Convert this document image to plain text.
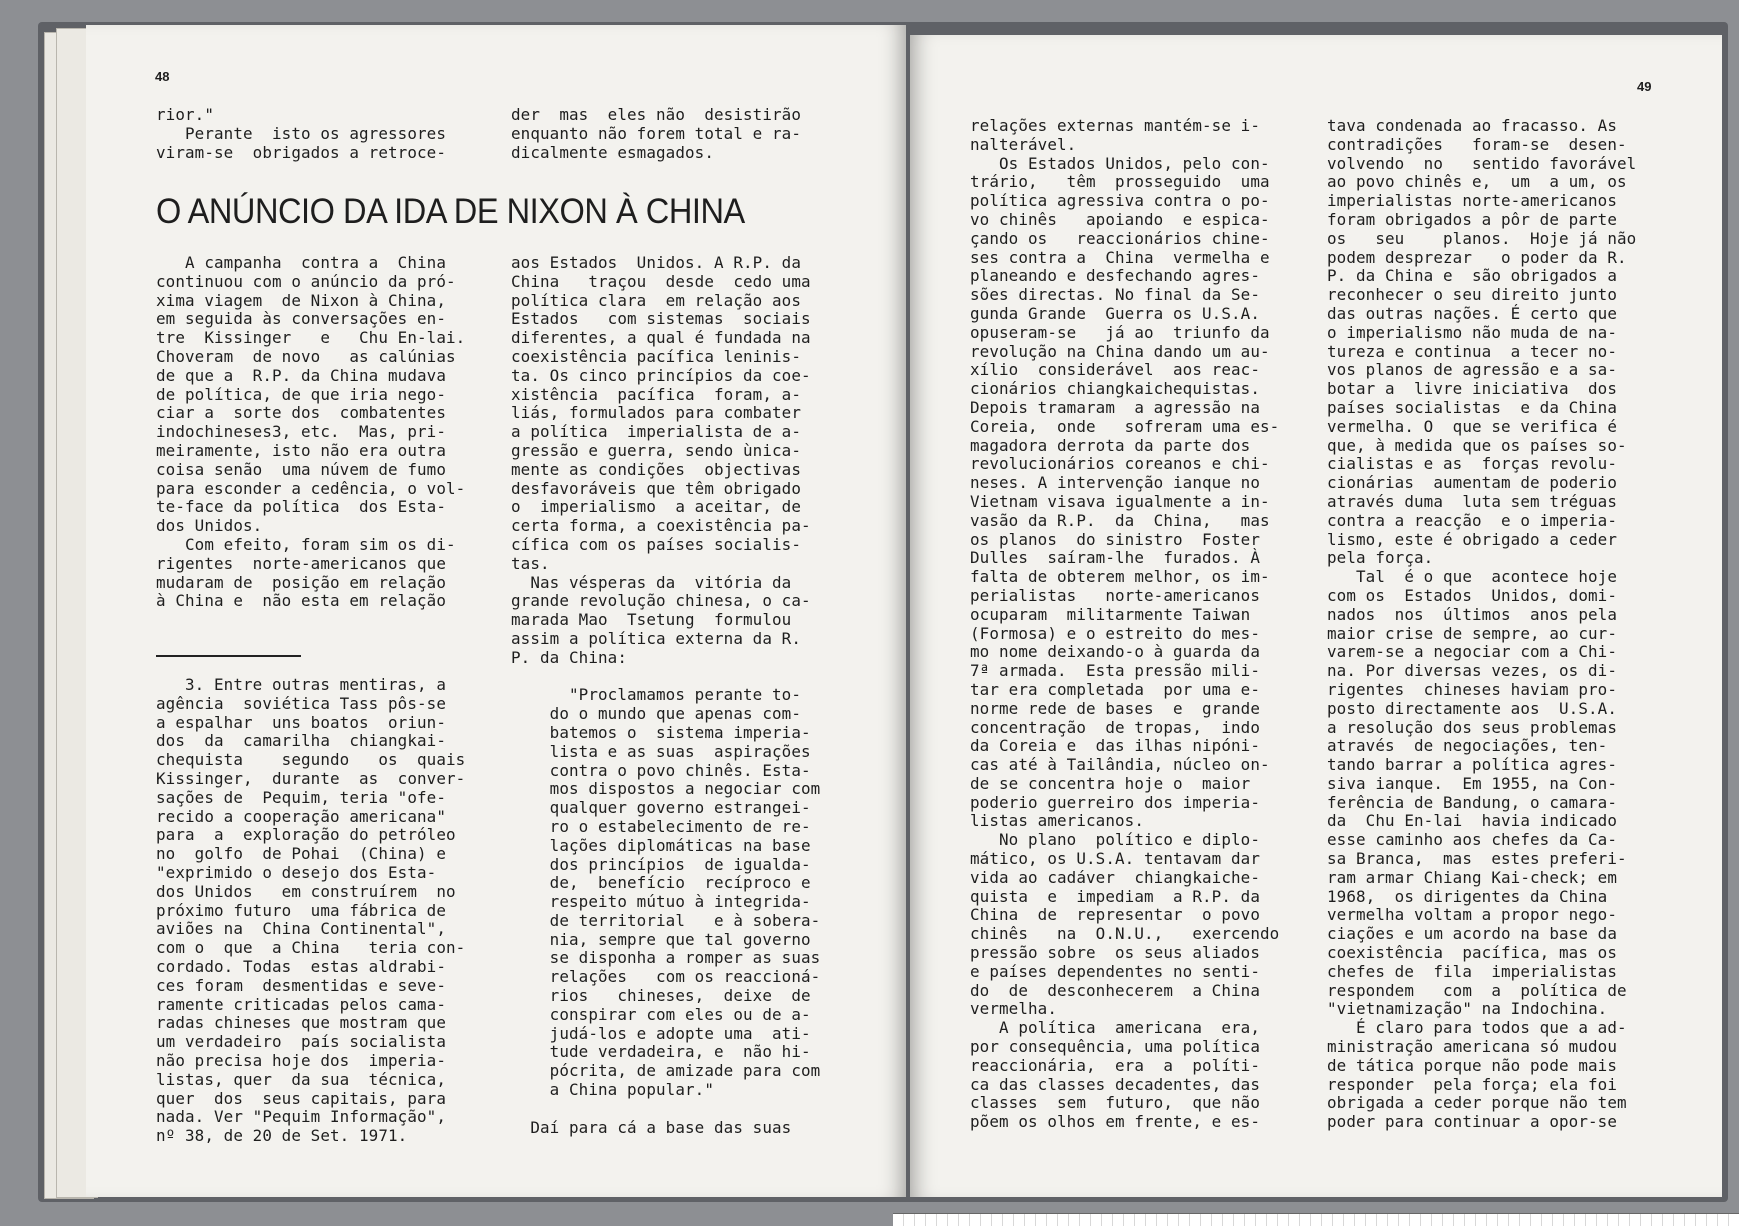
48
rior."
Perante  isto os agressores
viram-se  obrigados a retroce-
der  mas  eles não  desistirão
enquanto não forem total e ra-
dicalmente esmagados.
O ANÚNCIO DA IDA DE NIXON À CHINA
A campanha  contra a  China
continuou com o anúncio da pró-
xima viagem  de Nixon à China,
em seguida às conversações en-
tre  Kissinger   e   Chu En-lai.
Choveram  de novo   as calúnias
de que a  R.P. da China mudava
de política, de que iria nego-
ciar a  sorte dos  combatentes
indochineses3, etc.  Mas, pri-
meiramente, isto não era outra
coisa senão  uma núvem de fumo
para esconder a cedência, o vol-
te-face da política  dos Esta-
dos Unidos.
Com efeito, foram sim os di-
rigentes  norte-americanos que
mudaram de  posição em relação
à China e  não esta em relação
aos Estados  Unidos. A R.P. da
China   traçou  desde  cedo uma
política clara  em relação aos
Estados   com sistemas  sociais
diferentes, a qual é fundada na
coexistência pacífica leninis-
ta. Os cinco princípios da coe-
xistência  pacífica  foram, a-
liás, formulados para combater
a política  imperialista de a-
gressão e guerra, sendo ùnica-
mente as condições  objectivas
desfavoráveis que têm obrigado
o  imperialismo  a aceitar, de
certa forma, a coexistência pa-
cífica com os países socialis-
tas.
Nas vésperas da  vitória da
grande revolução chinesa, o ca-
marada Mao  Tsetung  formulou
assim a política externa da R.
P. da China:

"Proclamamos perante to-
do o mundo que apenas com-
batemos o  sistema imperia-
lista e as suas  aspirações
contra o povo chinês. Esta-
mos dispostos a negociar com
qualquer governo estrangei-
ro o estabelecimento de re-
lações diplomáticas na base
dos princípios  de igualda-
de,  benefício  recíproco e
respeito mútuo à integrida-
de territorial   e à sobera-
nia, sempre que tal governo
se disponha a romper as suas
relações   com os reaccioná-
rios   chineses,  deixe  de
conspirar com eles ou de a-
judá-los e adopte uma  ati-
tude verdadeira, e  não hi-
pócrita, de amizade para com
a China popular."

Daí para cá a base das suas
3. Entre outras mentiras, a
agência  soviética Tass pôs-se
a espalhar  uns boatos  oriun-
dos  da  camarilha  chiangkai-
chequista    segundo   os  quais
Kissinger,  durante  as  conver-
sações de  Pequim, teria "ofe-
recido a cooperação americana"
para  a  exploração do petróleo
no  golfo  de Pohai  (China) e
"exprimido o desejo dos Esta-
dos Unidos   em construírem  no
próximo futuro  uma fábrica de
aviões na  China Continental",
com o  que  a China   teria con-
cordado. Todas  estas aldrabi-
ces foram  desmentidas e seve-
ramente criticadas pelos cama-
radas chineses que mostram que
um verdadeiro  país socialista
não precisa hoje dos  imperia-
listas, quer  da sua  técnica,
quer  dos  seus capitais, para
nada. Ver "Pequim Informação",
nº 38, de 20 de Set. 1971.
49
relações externas mantém-se i-
nalterável.
Os Estados Unidos, pelo con-
trário,   têm  prosseguido  uma
política agressiva contra o po-
vo chinês   apoiando  e espica-
çando os   reaccionários chine-
ses contra a  China  vermelha e
planeando e desfechando agres-
sões directas. No final da Se-
gunda Grande  Guerra os U.S.A.
opuseram-se   já ao  triunfo da
revolução na China dando um au-
xílio  considerável  aos reac-
cionários chiangkaichequistas.
Depois tramaram  a agressão na
Coreia,  onde   sofreram uma es-
magadora derrota da parte dos
revolucionários coreanos e chi-
neses. A intervenção ianque no
Vietnam visava igualmente a in-
vasão da R.P.  da  China,   mas
os planos  do sinistro  Foster
Dulles  saíram-lhe  furados. À
falta de obterem melhor, os im-
perialistas   norte-americanos
ocuparam  militarmente Taiwan
(Formosa) e o estreito do mes-
mo nome deixando-o à guarda da
7ª armada.  Esta pressão mili-
tar era completada  por uma e-
norme rede de bases  e  grande
concentração  de tropas,  indo
da Coreia e  das ilhas nipóni-
cas até à Tailândia, núcleo on-
de se concentra hoje o  maior
poderio guerreiro dos imperia-
listas americanos.
No plano  político e diplo-
mático, os U.S.A. tentavam dar
vida ao cadáver  chiangkaiche-
quista  e  impediam  a R.P. da
China  de  representar  o povo
chinês   na  O.N.U.,   exercendo
pressão sobre  os seus aliados
e países dependentes no senti-
do  de  desconhecerem  a China
vermelha.
A política  americana  era,
por consequência, uma política
reaccionária,  era  a  políti-
ca das classes decadentes, das
classes  sem  futuro,  que não
põem os olhos em frente, e es-
tava condenada ao fracasso. As
contradições   foram-se  desen-
volvendo  no   sentido favorável
ao povo chinês e,  um  a um, os
imperialistas norte-americanos
foram obrigados a pôr de parte
os   seu    planos.  Hoje já não
podem desprezar   o poder da R.
P. da China e  são obrigados a
reconhecer o seu direito junto
das outras nações. É certo que
o imperialismo não muda de na-
tureza e continua  a tecer no-
vos planos de agressão e a sa-
botar a  livre iniciativa  dos
países socialistas  e da China
vermelha. O  que se verifica é
que, à medida que os países so-
cialistas e as  forças revolu-
cionárias  aumentam de poderio
através duma  luta sem tréguas
contra a reacção  e o imperia-
lismo, este é obrigado a ceder
pela força.
Tal  é o que  acontece hoje
com os  Estados  Unidos, domi-
nados  nos  últimos  anos pela
maior crise de sempre, ao cur-
varem-se a negociar com a Chi-
na. Por diversas vezes, os di-
rigentes  chineses haviam pro-
posto directamente aos  U.S.A.
a resolução dos seus problemas
através  de negociações, ten-
tando barrar a política agres-
siva ianque.  Em 1955, na Con-
ferência de Bandung, o camara-
da  Chu En-lai  havia indicado
esse caminho aos chefes da Ca-
sa Branca,  mas  estes preferi-
ram armar Chiang Kai-check; em
1968,  os dirigentes da China
vermelha voltam a propor nego-
ciações e um acordo na base da
coexistência  pacífica, mas os
chefes de  fila  imperialistas
respondem   com  a  política de
"vietnamização" na Indochina.
É claro para todos que a ad-
ministração americana só mudou
de tática porque não pode mais
responder  pela força; ela foi
obrigada a ceder porque não tem
poder para continuar a opor-se
